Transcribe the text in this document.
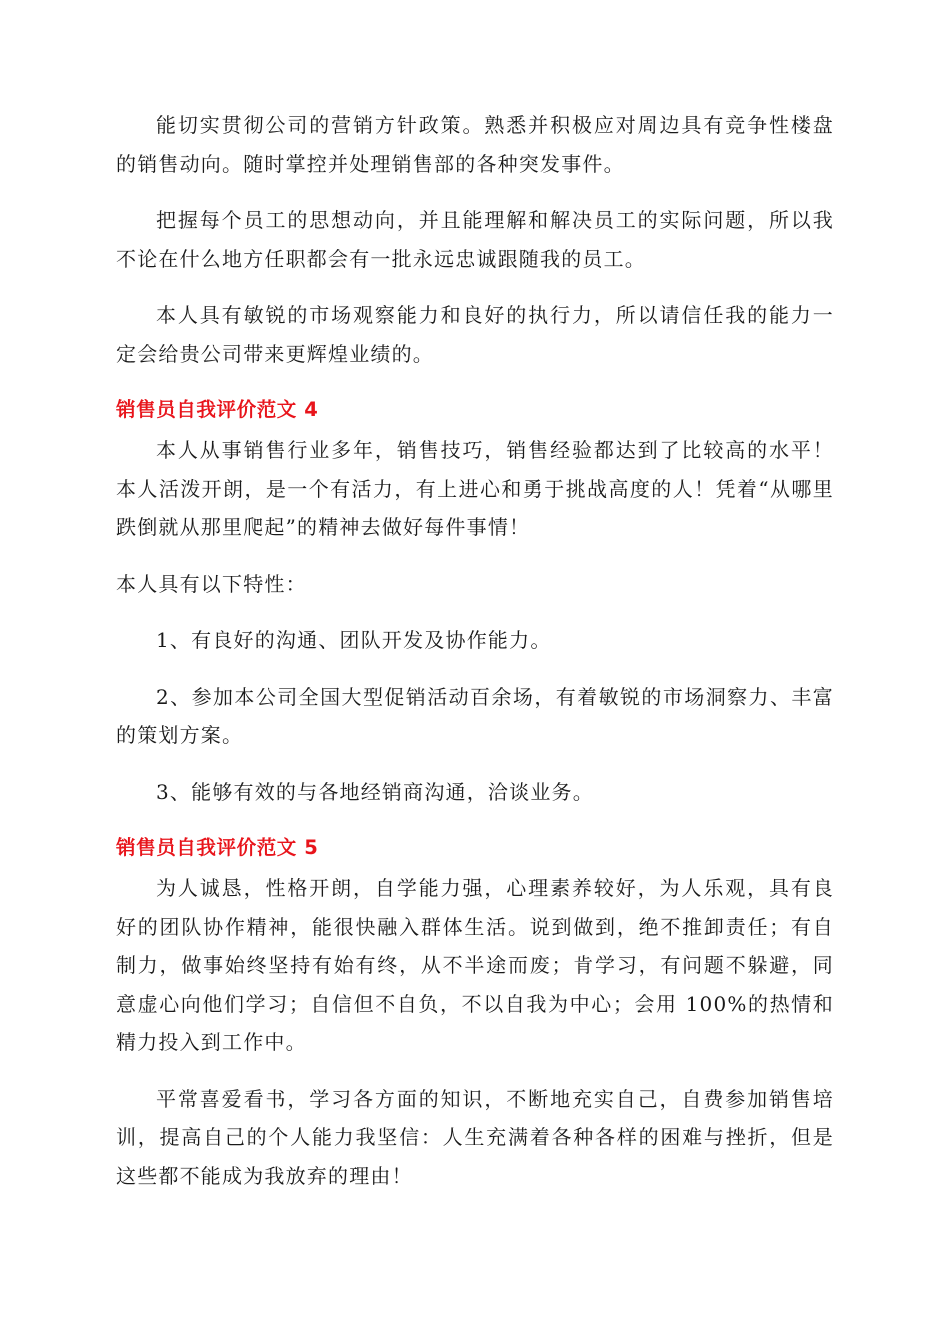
能切实贯彻公司的营销方针政策。熟悉并积极应对周边具有竞争性楼盘的销售动向。随时掌控并处理销售部的各种突发事件。

把握每个员工的思想动向，并且能理解和解决员工的实际问题，所以我不论在什么地方任职都会有一批永远忠诚跟随我的员工。

本人具有敏锐的市场观察能力和良好的执行力，所以请信任我的能力一定会给贵公司带来更辉煌业绩的。

销售员自我评价范文 4

本人从事销售行业多年，销售技巧，销售经验都达到了比较高的水平！本人活泼开朗，是一个有活力，有上进心和勇于挑战高度的人！凭着“从哪里跌倒就从那里爬起”的精神去做好每件事情！

本人具有以下特性：

1、有良好的沟通、团队开发及协作能力。

2、参加本公司全国大型促销活动百余场，有着敏锐的市场洞察力、丰富的策划方案。

3、能够有效的与各地经销商沟通，洽谈业务。

销售员自我评价范文 5

为人诚恳，性格开朗，自学能力强，心理素养较好，为人乐观，具有良好的团队协作精神，能很快融入群体生活。说到做到，绝不推卸责任；有自制力，做事始终坚持有始有终，从不半途而废；肯学习，有问题不躲避，同意虚心向他们学习；自信但不自负，不以自我为中心；会用 100%的热情和精力投入到工作中。

平常喜爱看书，学习各方面的知识，不断地充实自己，自费参加销售培训，提高自己的个人能力我坚信：人生充满着各种各样的困难与挫折，但是这些都不能成为我放弃的理由！
